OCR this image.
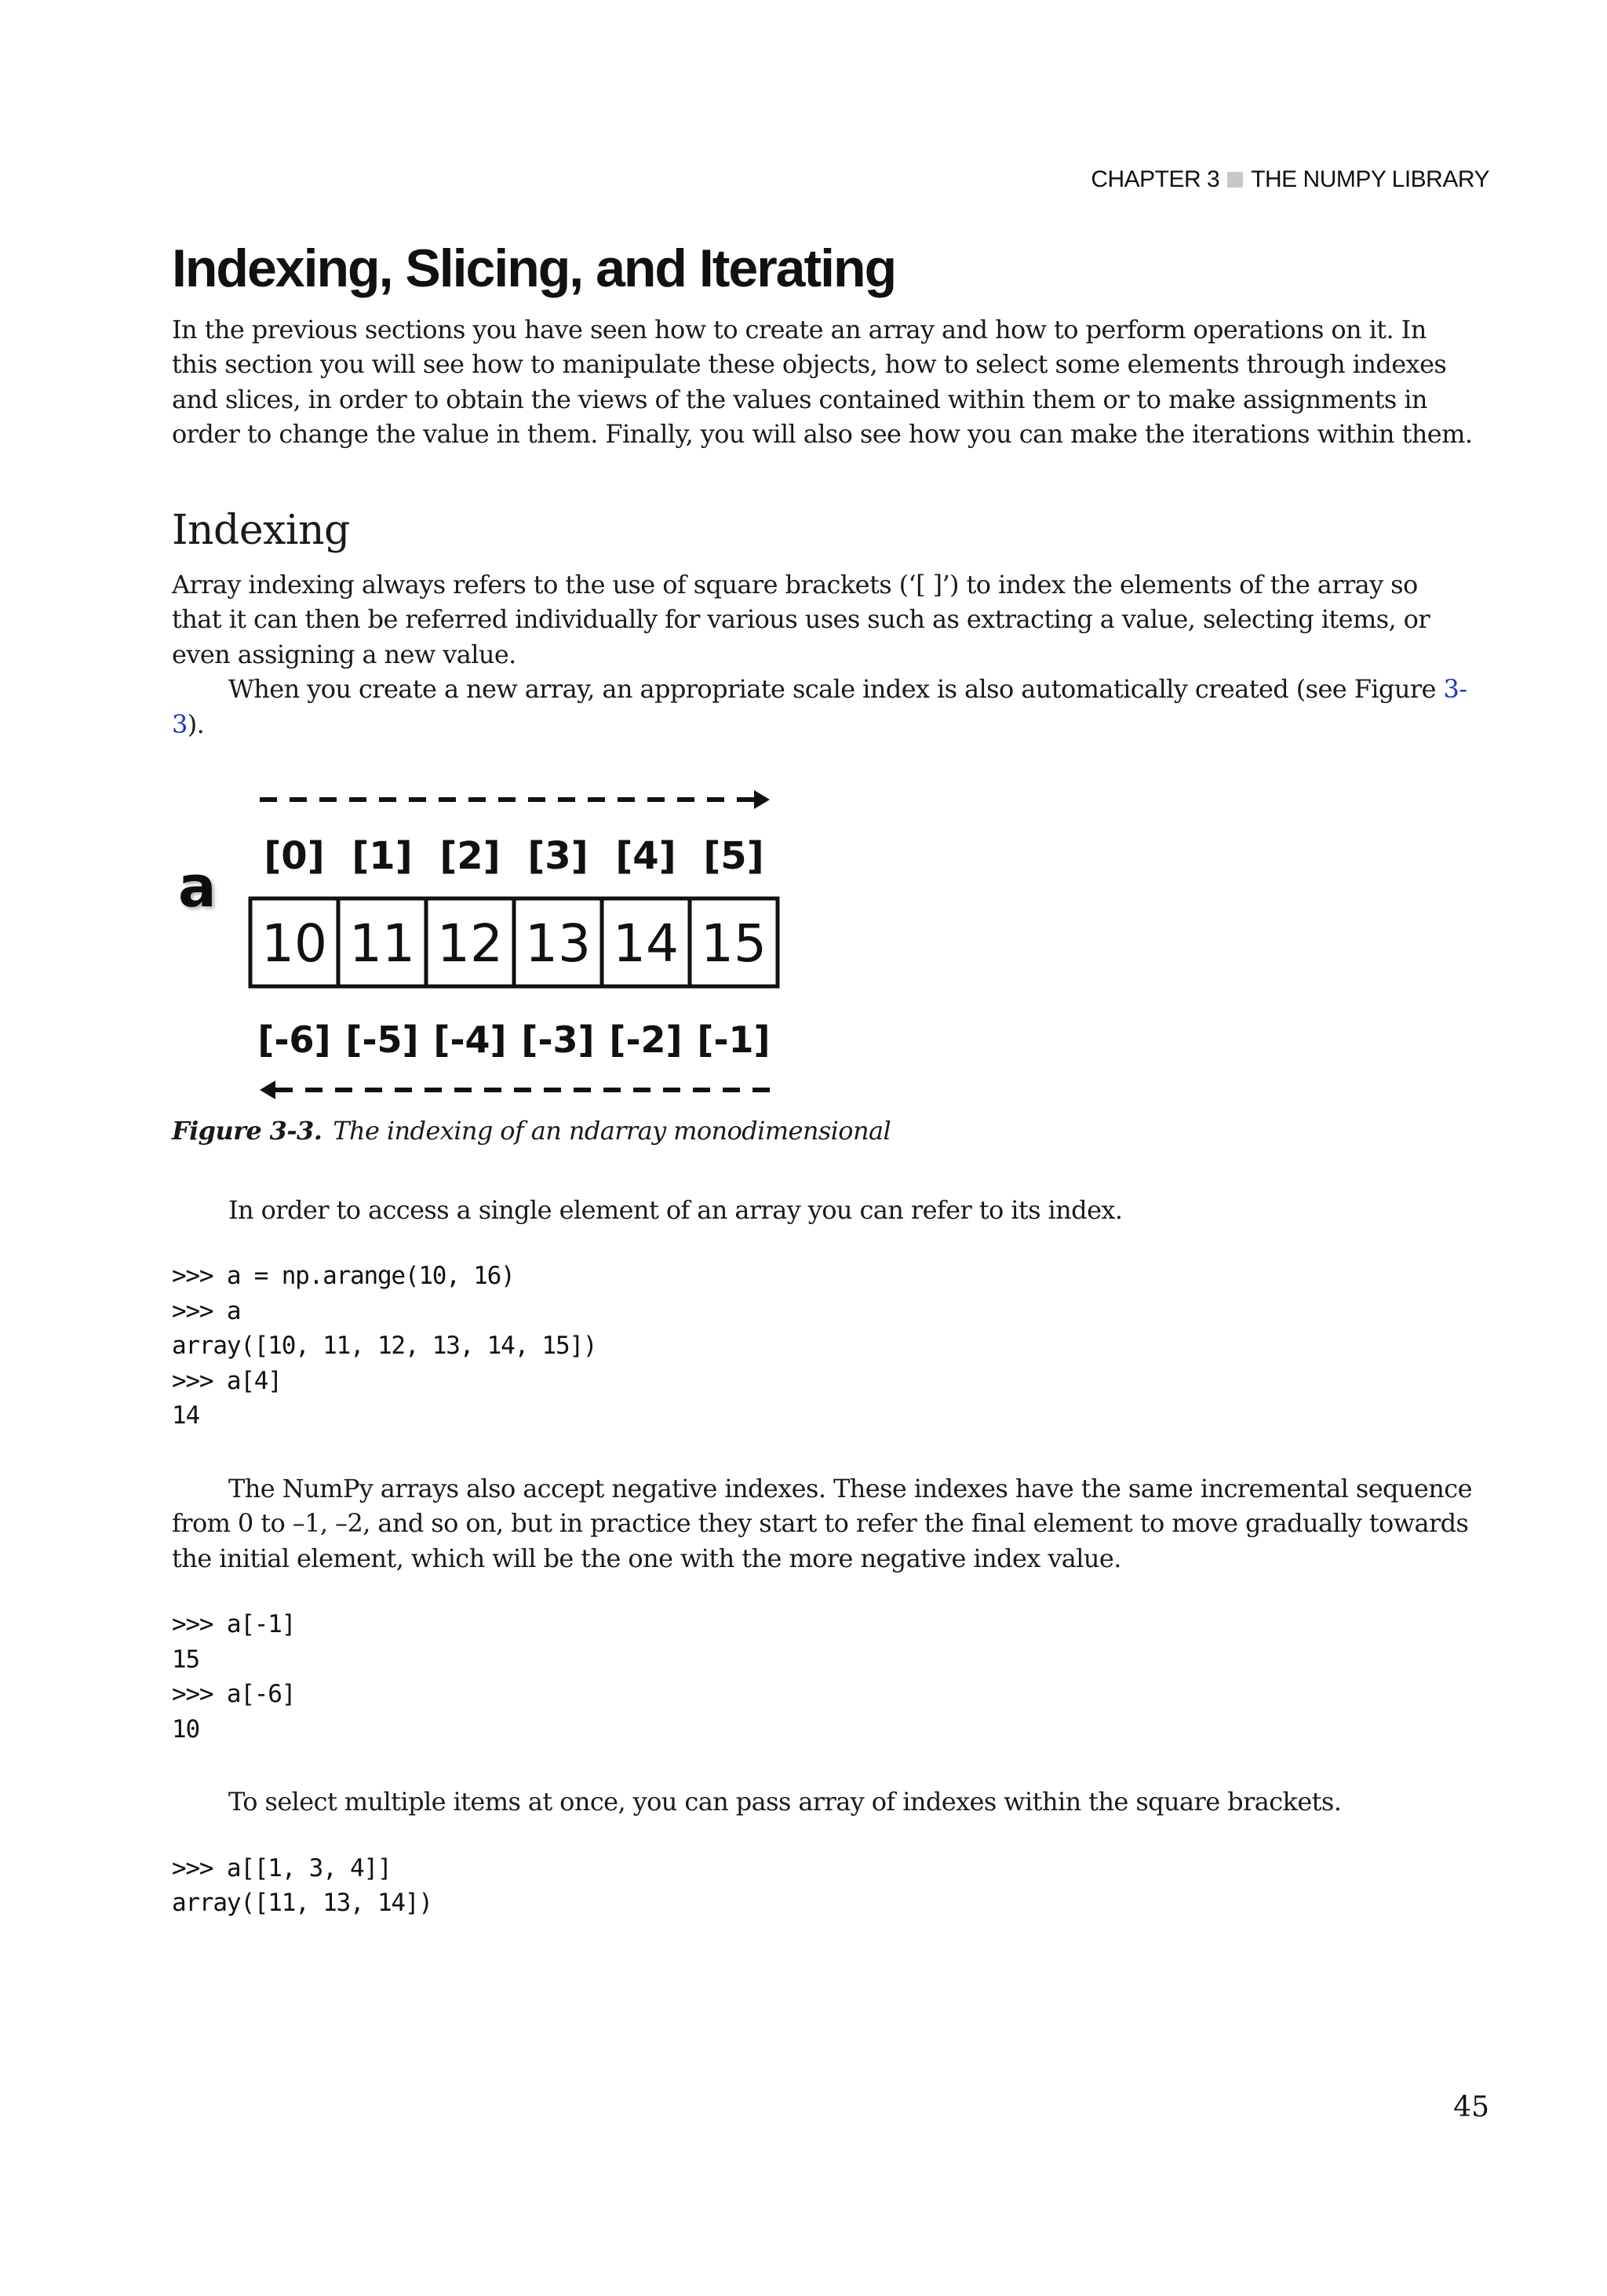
CHAPTER 3 THE NUMPY LIBRARY
Indexing, Slicing, and Iterating

In the previous sections you have seen how to create an array and how to perform operations on it. In this section you will see how to manipulate these objects, how to select some elements through indexes and slices, in order to obtain the views of the values contained within them or to make assignments in order to change the value in them. Finally, you will also see how you can make the iterations within them.

Indexing

Array indexing always refers to the use of square brackets (‘[ ]’) to index the elements of the array so that it can then be referred individually for various uses such as extracting a value, selecting items, or even assigning a new value.

When you create a new array, an appropriate scale index is also automatically created (see Figure 3-3).

a
10
[0]
[-6]
11
[1]
[-5]
12
[2]
[-4]
13
[3]
[-3]
14
[4]
[-2]
15
[5]
[-1]

Figure 3-3. The indexing of an ndarray monodimensional

In order to access a single element of an array you can refer to its index.

>>> a = np.arange(10, 16)
>>> a
array([10, 11, 12, 13, 14, 15])
>>> a[4]
14

The NumPy arrays also accept negative indexes. These indexes have the same incremental sequence from 0 to –1, –2, and so on, but in practice they start to refer the final element to move gradually towards the initial element, which will be the one with the more negative index value.

>>> a[-1]
15
>>> a[-6]
10

To select multiple items at once, you can pass array of indexes within the square brackets.

>>> a[[1, 3, 4]]
array([11, 13, 14])
45
